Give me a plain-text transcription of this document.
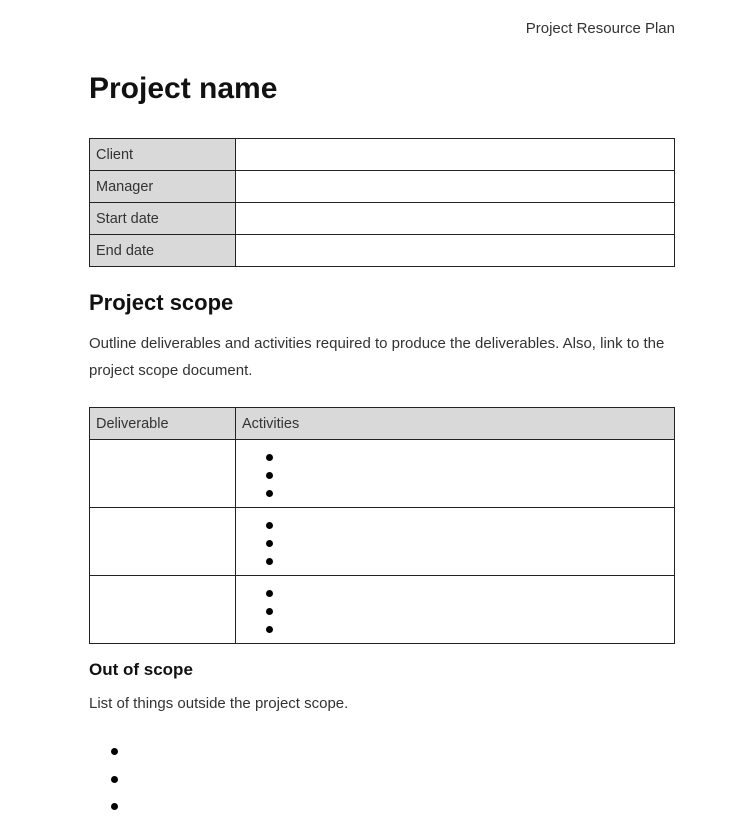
Project Resource Plan
Project name
Client	
Manager	
Start date	
End date	
Project scope

Outline deliverables and activities required to produce the deliverables. Also, link to the project scope document.

Deliverable	Activities

Out of scope

List of things outside the project scope.
